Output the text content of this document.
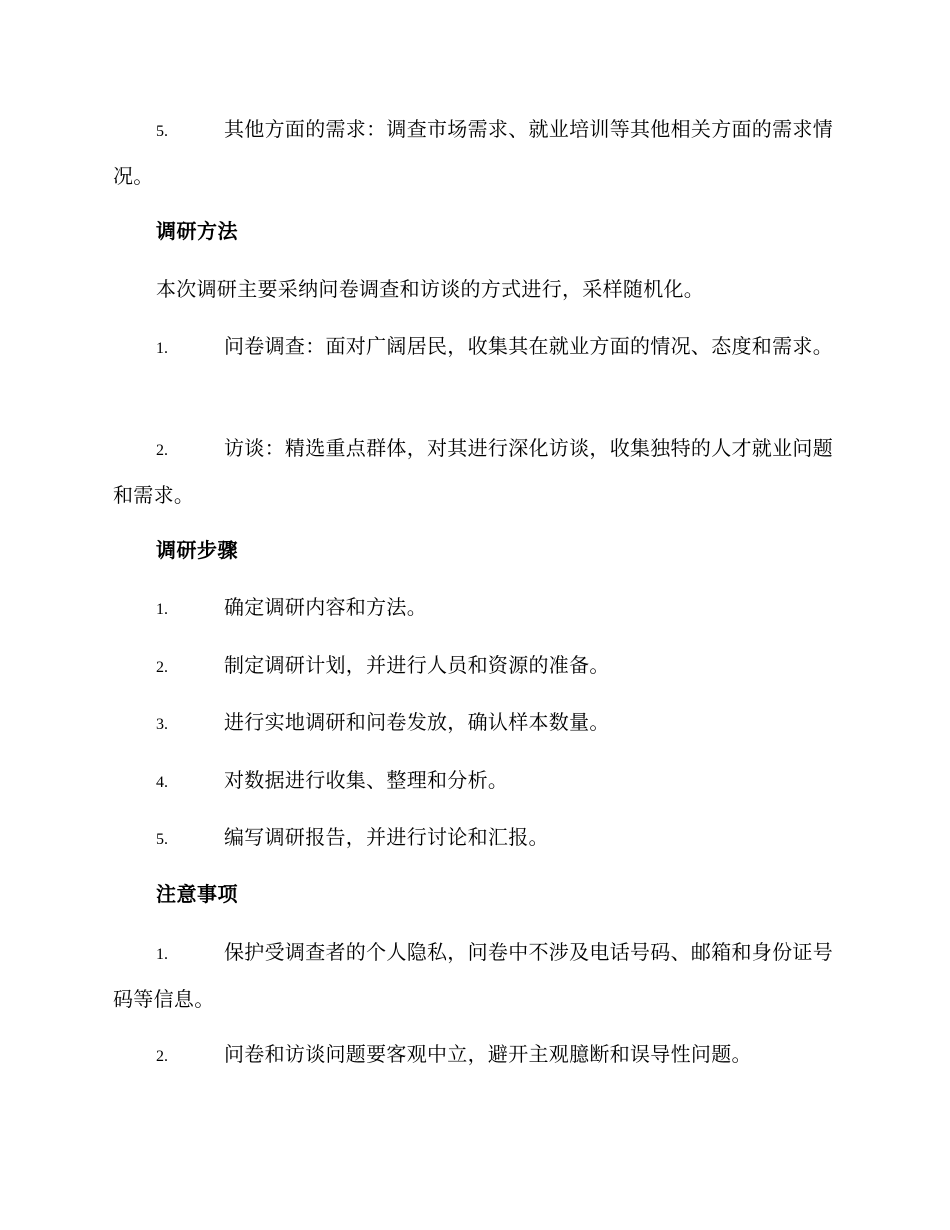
5.	其他方面的需求：调查市场需求、就业培训等其他相关方面的需求情况。
调研方法
本次调研主要采纳问卷调查和访谈的方式进行，采样随机化。
1.	问卷调查：面对广阔居民，收集其在就业方面的情况、态度和需求。
2.	访谈：精选重点群体，对其进行深化访谈，收集独特的人才就业问题和需求。
调研步骤
1.	确定调研内容和方法。
2.	制定调研计划，并进行人员和资源的准备。
3.	进行实地调研和问卷发放，确认样本数量。
4.	对数据进行收集、整理和分析。
5.	编写调研报告，并进行讨论和汇报。
注意事项
1.	保护受调查者的个人隐私，问卷中不涉及电话号码、邮箱和身份证号码等信息。
2.	问卷和访谈问题要客观中立，避开主观臆断和误导性问题。
